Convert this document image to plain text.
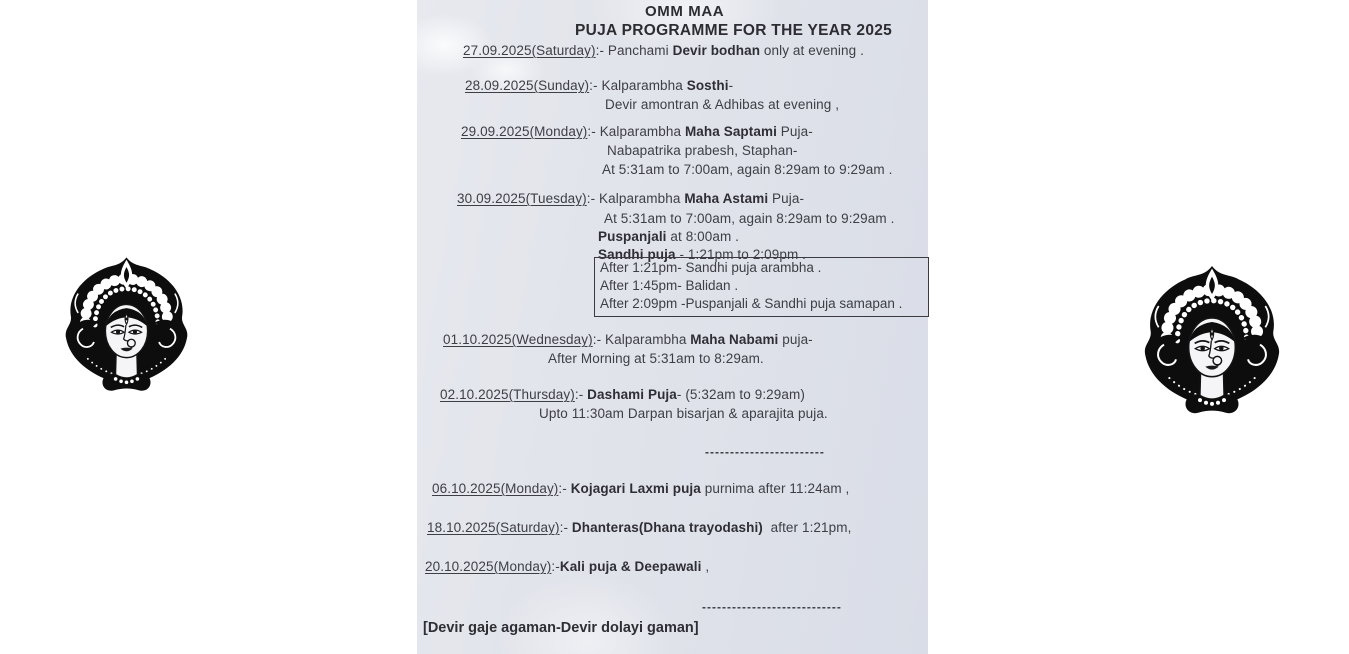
OMM MAA
PUJA PROGRAMME FOR THE YEAR 2025
27.09.2025(Saturday):- Panchami Devir bodhan only at evening .
28.09.2025(Sunday):- Kalparambha Sosthi-
Devir amontran & Adhibas at evening ,
29.09.2025(Monday):- Kalparambha Maha Saptami Puja-
Nabapatrika prabesh, Staphan-
At 5:31am to 7:00am, again 8:29am to 9:29am .
30.09.2025(Tuesday):- Kalparambha Maha Astami Puja-
At 5:31am to 7:00am, again 8:29am to 9:29am .
Puspanjali at 8:00am .
Sandhi puja - 1:21pm to 2:09pm .
After 1:21pm- Sandhi puja arambha .
After 1:45pm- Balidan .
After 2:09pm -Puspanjali & Sandhi puja samapan .
01.10.2025(Wednesday):- Kalparambha Maha Nabami puja-
After Morning at 5:31am to 8:29am.
02.10.2025(Thursday):- Dashami Puja- (5:32am to 9:29am)
Upto 11:30am Darpan bisarjan & aparajita puja.
------------------------
06.10.2025(Monday):- Kojagari Laxmi puja purnima after 11:24am ,
18.10.2025(Saturday):- Dhanteras(Dhana trayodashi)  after 1:21pm,
20.10.2025(Monday):-Kali puja & Deepawali ,
----------------------------
[Devir gaje agaman-Devir dolayi gaman]
